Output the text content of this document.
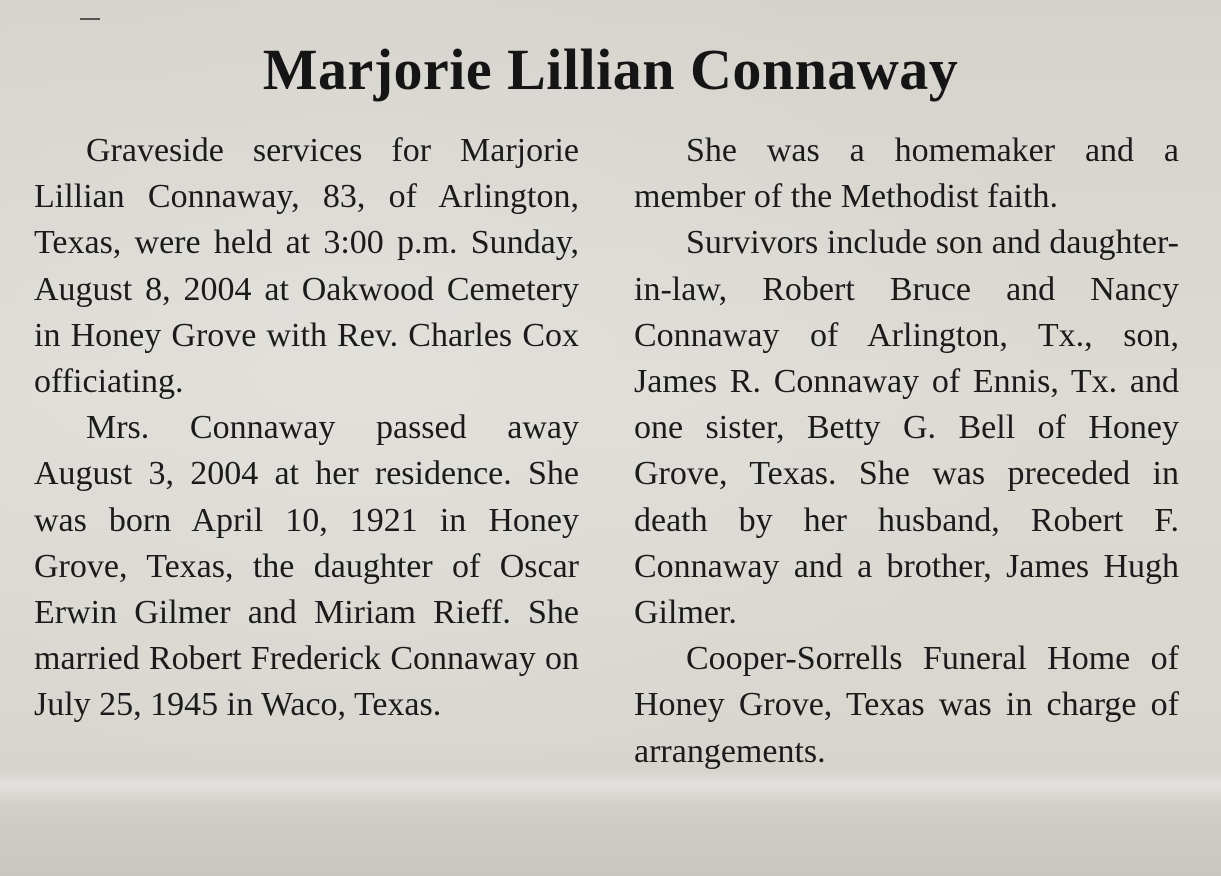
Marjorie Lillian Connaway

Graveside services for Marjorie Lillian Connaway, 83, of Arlington, Texas, were held at 3:00 p.m. Sunday, August 8, 2004 at Oakwood Cemetery in Honey Grove with Rev. Charles Cox officiating.

Mrs. Connaway passed away August 3, 2004 at her residence. She was born April 10, 1921 in Honey Grove, Texas, the daughter of Oscar Erwin Gilmer and Miriam Rieff. She married Robert Frederick Connaway on July 25, 1945 in Waco, Texas.

She was a homemaker and a member of the Methodist faith.

Survivors include son and daughter-in-law, Robert Bruce and Nancy Connaway of Arlington, Tx., son, James R. Connaway of Ennis, Tx. and one sister, Betty G. Bell of Honey Grove, Texas. She was preceded in death by her husband, Robert F. Connaway and a brother, James Hugh Gilmer.

Cooper-Sorrells Funeral Home of Honey Grove, Texas was in charge of arrangements.
